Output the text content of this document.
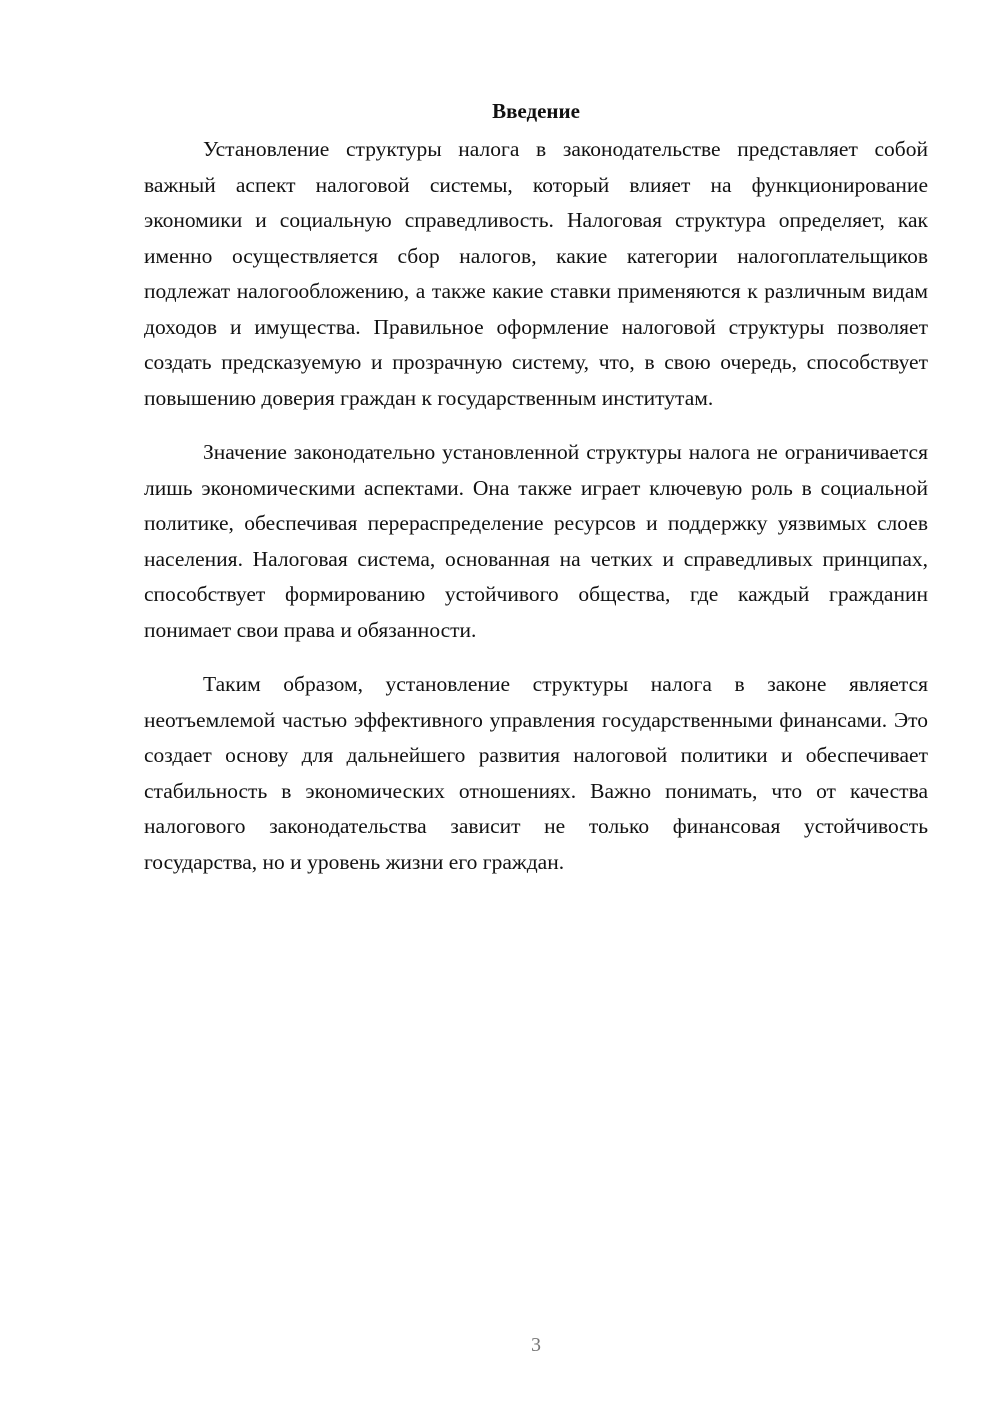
Введение

Установление структуры налога в законодательстве представляет собой важный аспект налоговой системы, который влияет на функционирование экономики и социальную справедливость. Налоговая структура определяет, как именно осуществляется сбор налогов, какие категории налогоплательщиков подлежат налогообложению, а также какие ставки применяются к различным видам доходов и имущества. Правильное оформление налоговой структуры позволяет создать предсказуемую и прозрачную систему, что, в свою очередь, способствует повышению доверия граждан к государственным институтам.

Значение законодательно установленной структуры налога не ограничивается лишь экономическими аспектами. Она также играет ключевую роль в социальной политике, обеспечивая перераспределение ресурсов и поддержку уязвимых слоев населения. Налоговая система, основанная на четких и справедливых принципах, способствует формированию устойчивого общества, где каждый гражданин понимает свои права и обязанности.

Таким образом, установление структуры налога в законе является неотъемлемой частью эффективного управления государственными финансами. Это создает основу для дальнейшего развития налоговой политики и обеспечивает стабильность в экономических отношениях. Важно понимать, что от качества налогового законодательства зависит не только финансовая устойчивость государства, но и уровень жизни его граждан.

3
